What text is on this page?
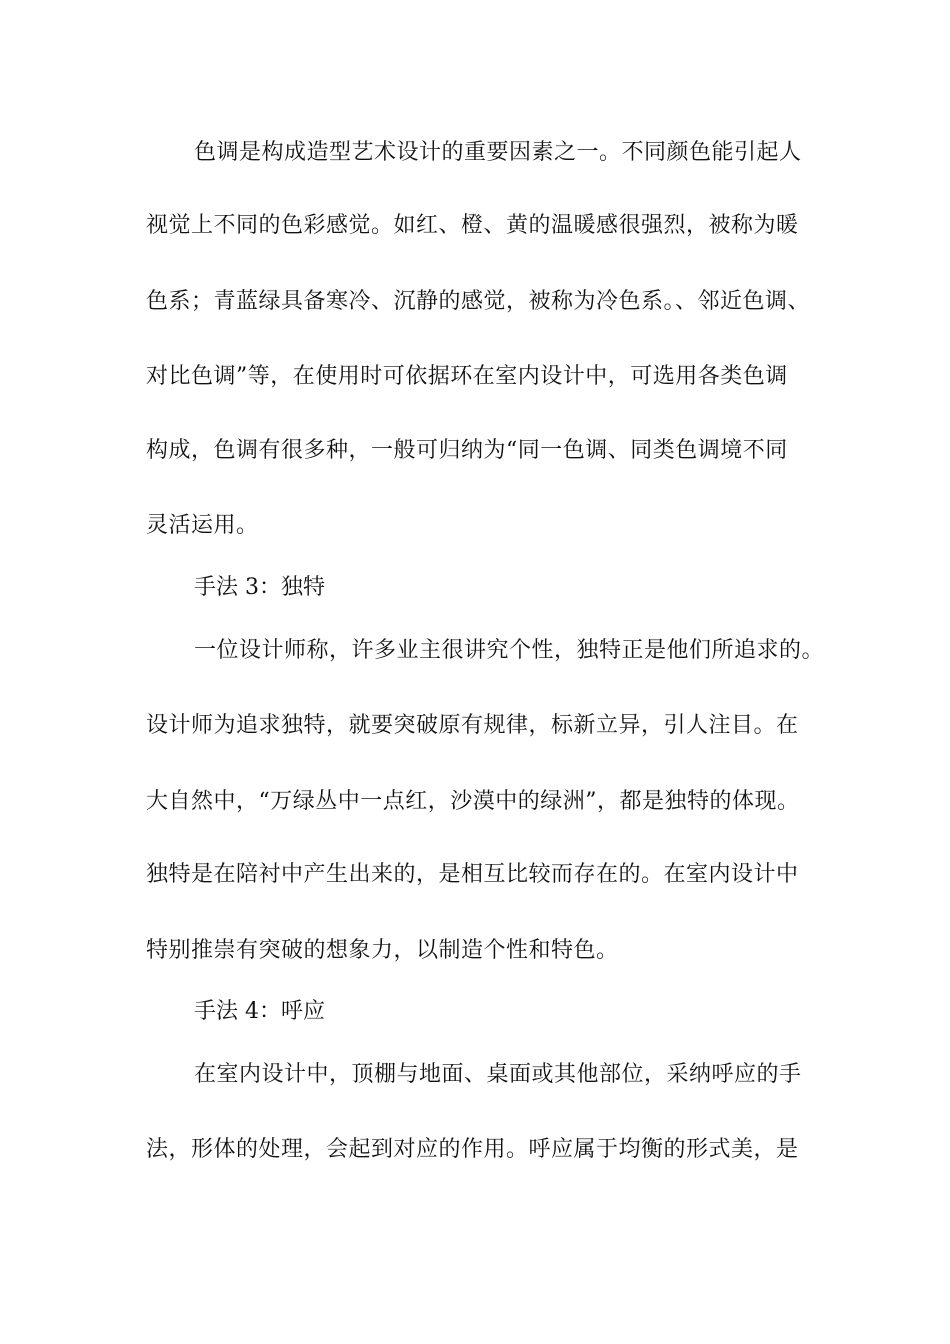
色调是构成造型艺术设计的重要因素之一。不同颜色能引起人
视觉上不同的色彩感觉。如红、橙、黄的温暖感很强烈，被称为暖
色系；青蓝绿具备寒冷、沉静的感觉，被称为冷色系。、邻近色调、
对比色调”等，在使用时可依据环在室内设计中，可选用各类色调
构成，色调有很多种，一般可归纳为“同一色调、同类色调境不同
灵活运用。
手法 3：独特
一位设计师称，许多业主很讲究个性，独特正是他们所追求的。
设计师为追求独特，就要突破原有规律，标新立异，引人注目。在
大自然中，“万绿丛中一点红，沙漠中的绿洲”，都是独特的体现。
独特是在陪衬中产生出来的，是相互比较而存在的。在室内设计中
特别推崇有突破的想象力，以制造个性和特色。
手法 4：呼应
在室内设计中，顶棚与地面、桌面或其他部位，采纳呼应的手
法，形体的处理，会起到对应的作用。呼应属于均衡的形式美，是
